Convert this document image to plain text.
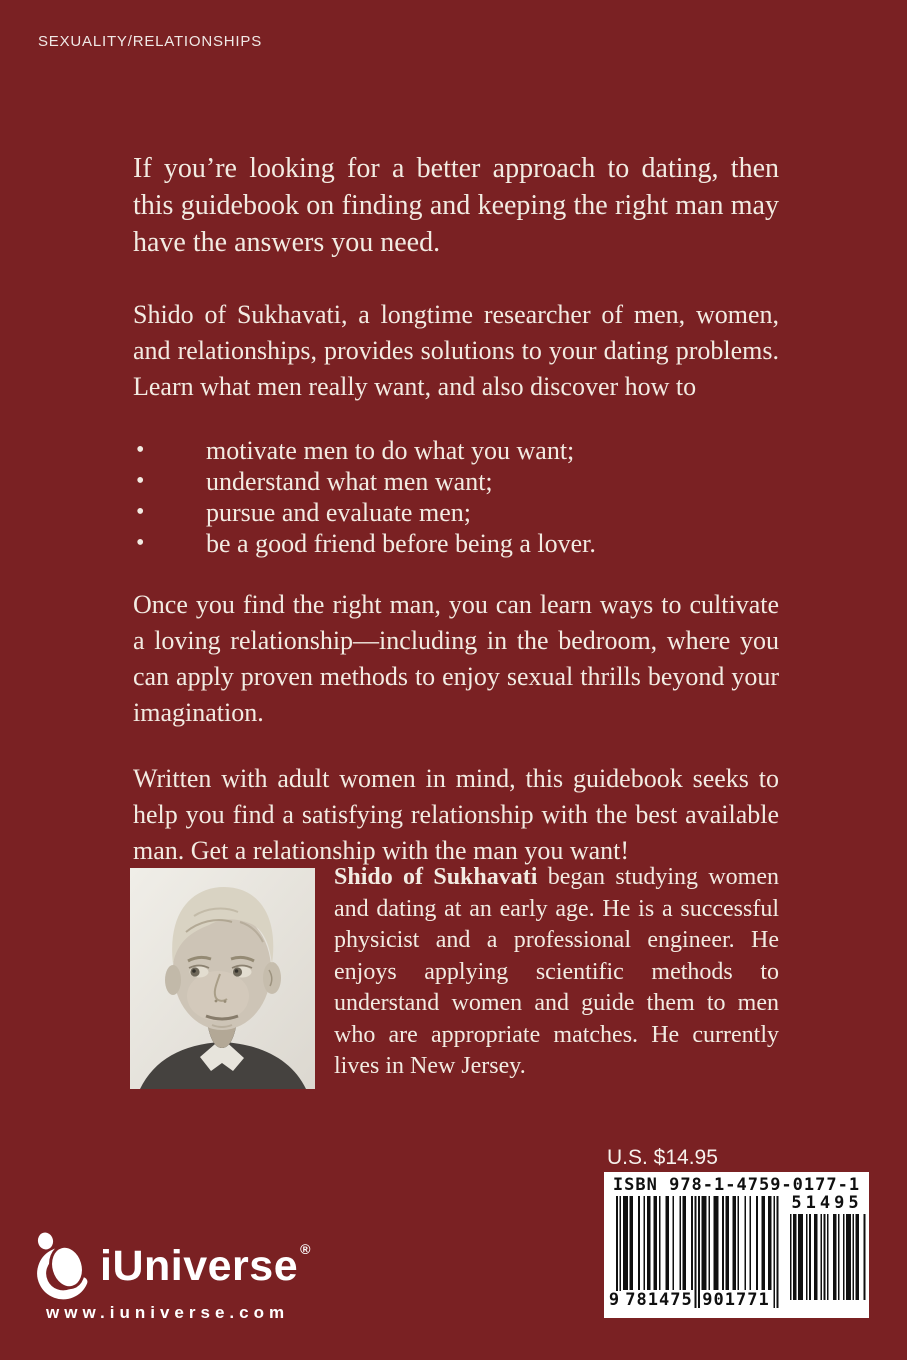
SEXUALITY/RELATIONSHIPS

If you’re looking for a better approach to dating, then this guidebook on finding and keeping the right man may have the answers you need.

Shido of Sukhavati, a longtime researcher of men, women, and relationships, provides solutions to your dating problems. Learn what men really want, and also discover how to

• motivate men to do what you want;
• understand what men want;
• pursue and evaluate men;
• be a good friend before being a lover.

Once you find the right man, you can learn ways to cultivate a loving relationship—including in the bedroom, where you can apply proven methods to enjoy sexual thrills beyond your imagination.

Written with adult women in mind, this guidebook seeks to help you find a satisfying relationship with the best available man. Get a relationship with the man you want!

Shido of Sukhavati began studying women and dating at an early age. He is a successful physicist and a professional engineer. He enjoys applying scientific methods to understand women and guide them to men who are appropriate matches. He currently lives in New Jersey.

U.S. $14.95
ISBN 978-1-4759-0177-1
51495
9 781475 901771
iUniverse ®
www.iuniverse.com
